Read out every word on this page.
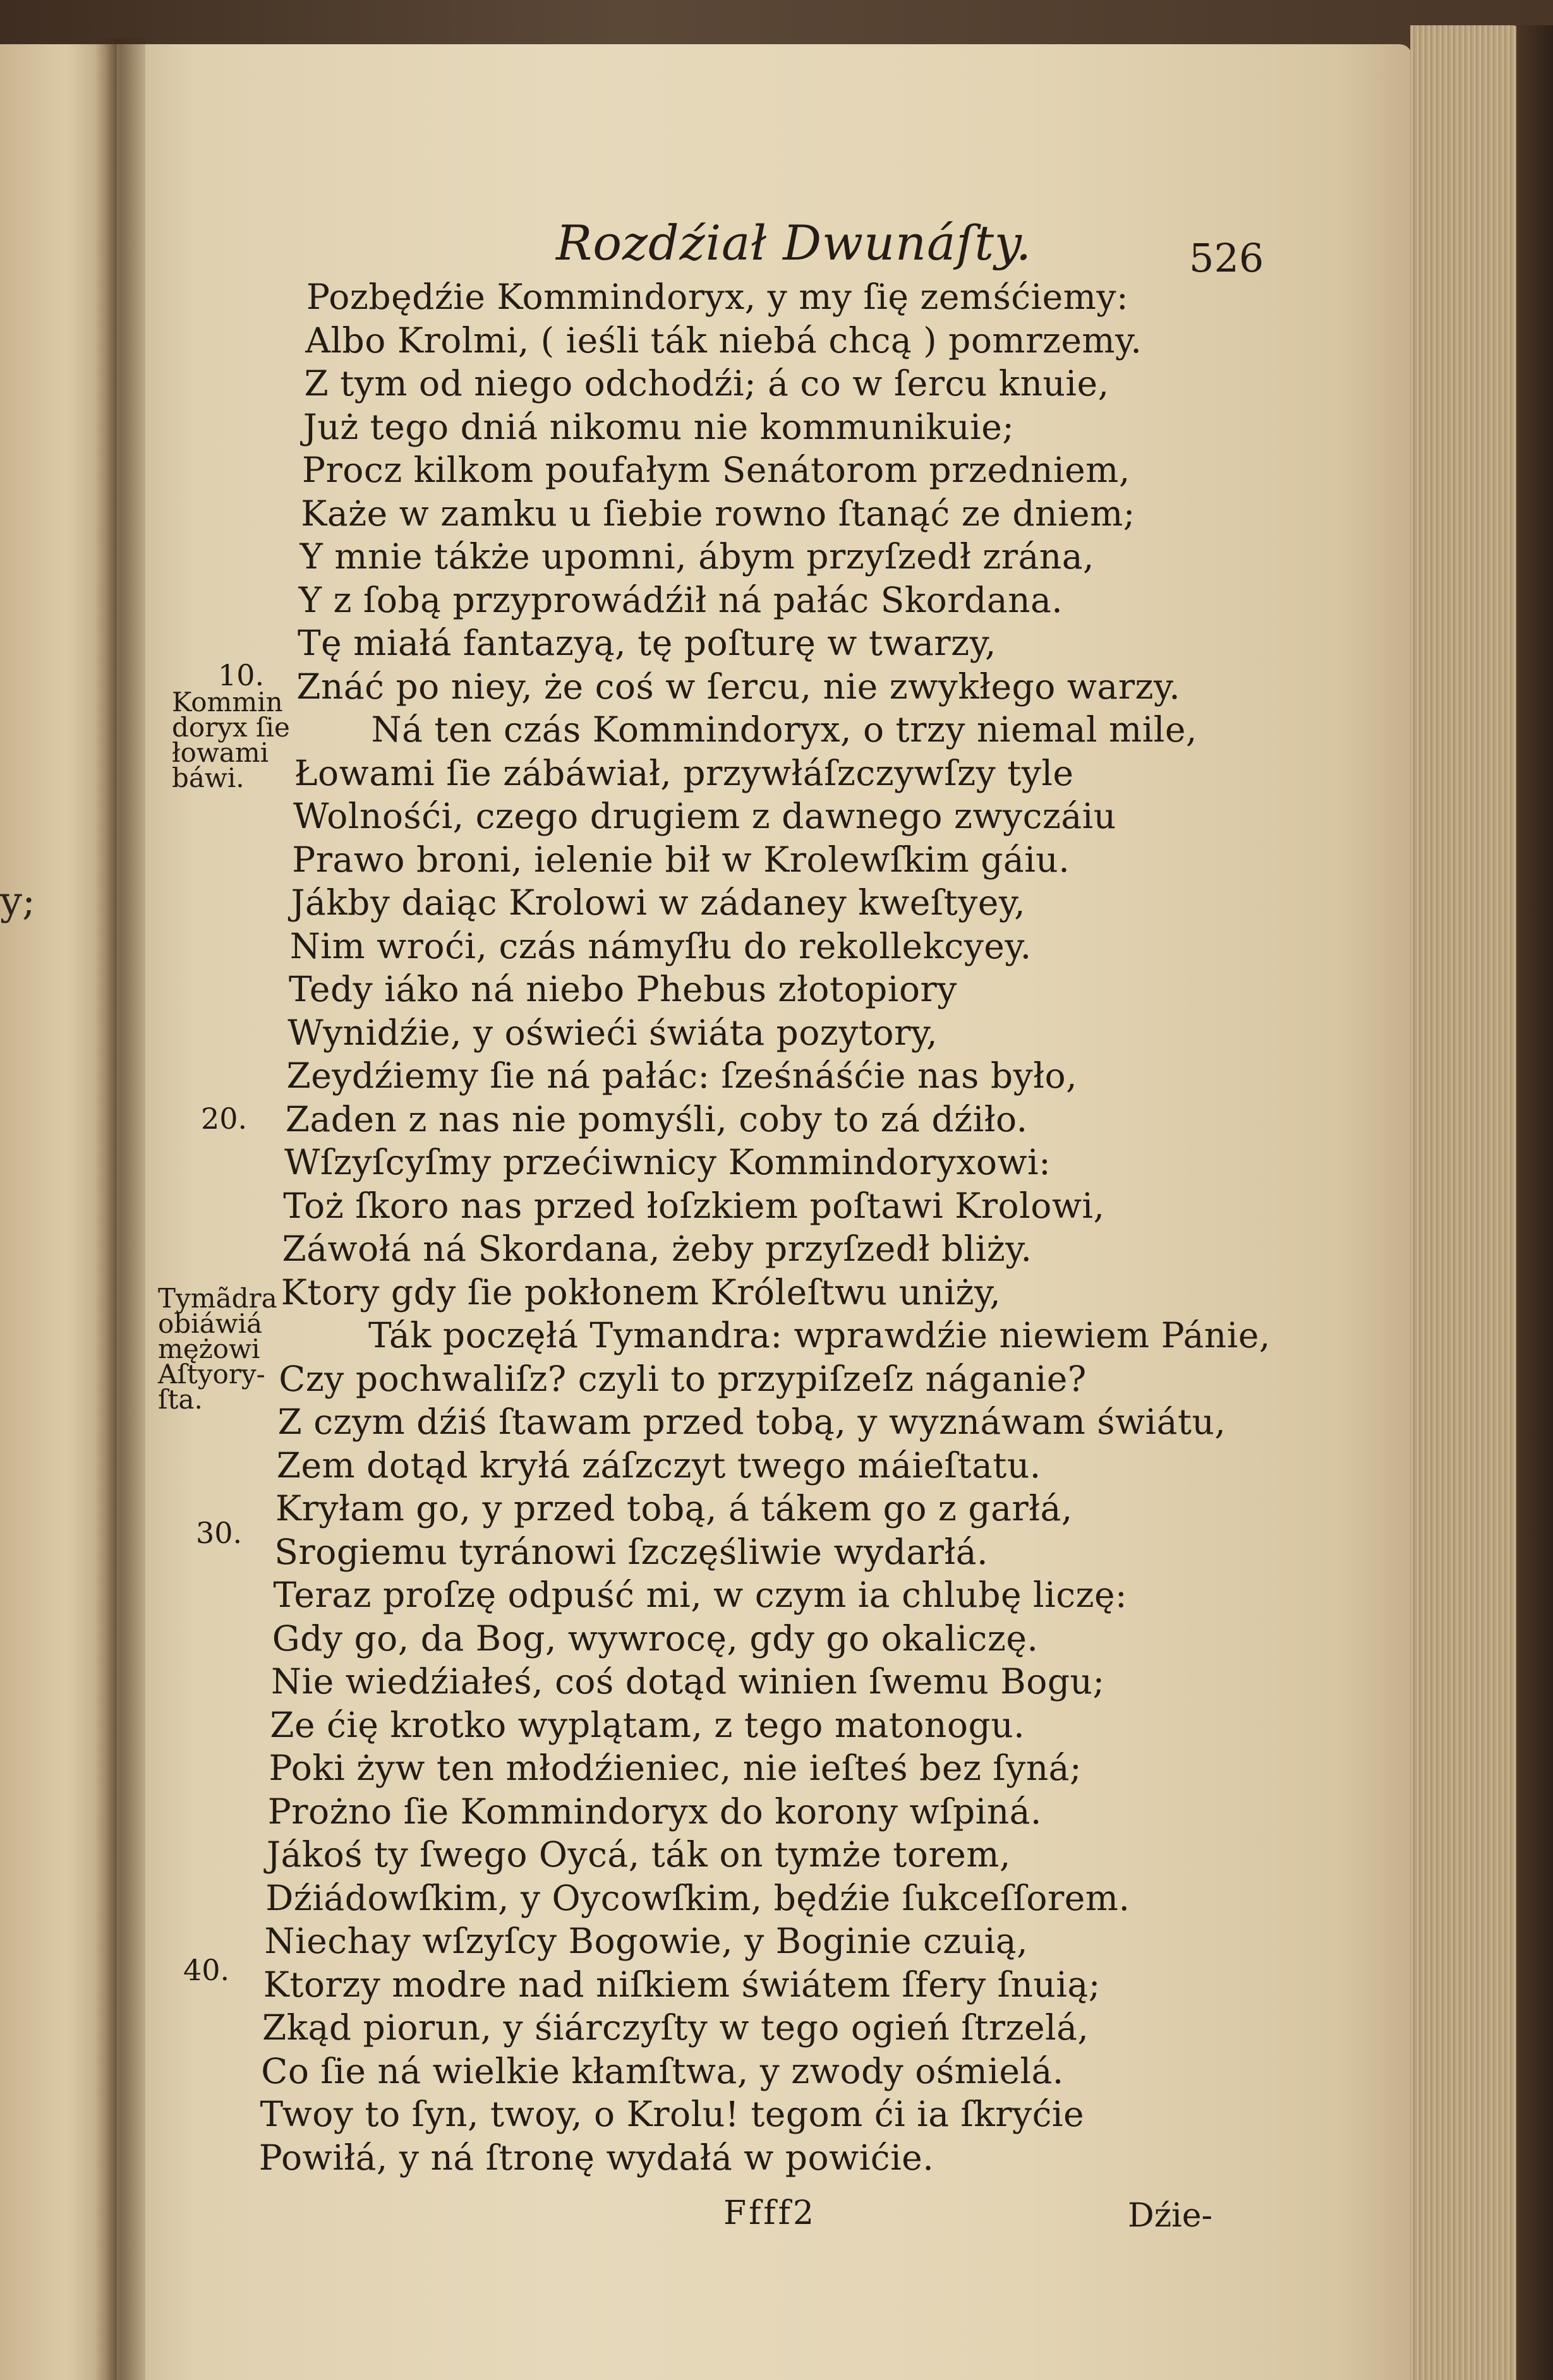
y;
Rozdźiał Dwunáſty.	526
Pozbędźie Kommindoryx, y my ſię zemśćiemy:
Albo Krolmi, ( ieśli ták niebá chcą ) pomrzemy.
Z tym od niego odchodźi; á co w ſercu knuie,
Już tego dniá nikomu nie kommunikuie;
Procz kilkom poufałym Senátorom przedniem,
Każe w zamku u ſiebie rowno ſtanąć ze dniem;
Y mnie tákże upomni, ábym przyſzedł zrána,
Y z ſobą przyprowádźił ná pałác Skordana.
Tę miałá fantazyą, tę poſturę w twarzy,
Znáć po niey, że coś w ſercu, nie zwykłego warzy.
Ná ten czás Kommindoryx, o trzy niemal mile,
Łowami ſie zábáwiał, przywłáſzczywſzy tyle
Wolnośći, czego drugiem z dawnego zwyczáiu
Prawo broni, ielenie bił w Krolewſkim gáiu.
Jákby daiąc Krolowi w zádaney kweſtyey,
Nim wroći, czás námyſłu do rekollekcyey.
Tedy iáko ná niebo Phebus złotopiory
Wynidźie, y oświeći świáta pozytory,
Zeydźiemy ſie ná pałác: ſześnáśćie nas było,
Zaden z nas nie pomyśli, coby to zá dźiło.
Wſzyſcyſmy przećiwnicy Kommindoryxowi:
Toż ſkoro nas przed łoſzkiem poſtawi Krolowi,
Záwołá ná Skordana, żeby przyſzedł bliży.
Ktory gdy ſie pokłonem Króleſtwu uniży,
Ták poczęłá Tymandra: wprawdźie niewiem Pánie,
Czy pochwaliſz? czyli to przypiſzeſz náganie?
Z czym dźiś ſtawam przed tobą, y wyznáwam świátu,
Zem dotąd kryłá záſzczyt twego máieſtatu.
Kryłam go, y przed tobą, á tákem go z garłá,
Srogiemu tyránowi ſzczęśliwie wydarłá.
Teraz proſzę odpuść mi, w czym ia chlubę liczę:
Gdy go, da Bog, wywrocę, gdy go okaliczę.
Nie wiedźiałeś, coś dotąd winien ſwemu Bogu;
Ze ćię krotko wyplątam, z tego matonogu.
Poki żyw ten młodźieniec, nie ieſteś bez ſyná;
Prożno ſie Kommindoryx do korony wſpiná.
Jákoś ty ſwego Oycá, ták on tymże torem,
Dźiádowſkim, y Oycowſkim, będźie ſukceſſorem.
Niechay wſzyſcy Bogowie, y Boginie czuią,
Ktorzy modre nad niſkiem świátem ſfery ſnuią;
Zkąd piorun, y śiárczyſty w tego ogień ſtrzelá,
Co ſie ná wielkie kłamſtwa, y zwody ośmielá.
Twoy to ſyn, twoy, o Krolu! tegom ći ia ſkryćie
Powiłá, y ná ſtronę wydałá w powićie.
10.
20.
30.
40.
Kommin
doryx ſie
łowami
báwi.
Tymãdra
obiáwiá
mężowi
Aſtyory-
ſta.
Ffff2	Dźie-
